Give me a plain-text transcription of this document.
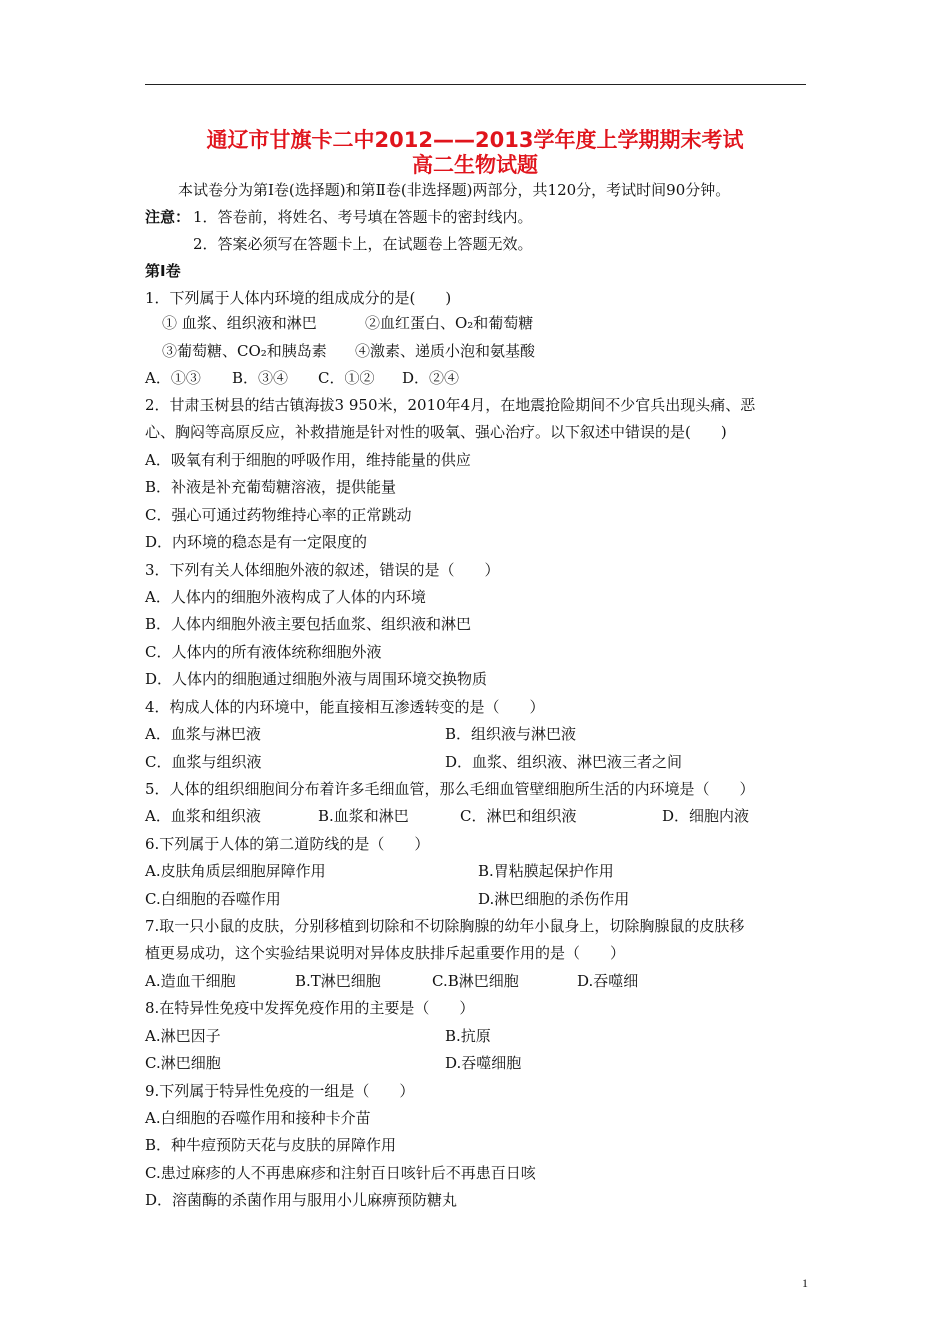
通辽市甘旗卡二中2012——2013学年度上学期期末考试
高二生物试题
本试卷分为第Ⅰ卷(选择题)和第Ⅱ卷(非选择题)两部分，共120分，考试时间90分钟。
注意： 1．答卷前，将姓名、考号填在答题卡的密封线内。
2．答案必须写在答题卡上，在试题卷上答题无效。
第Ⅰ卷
1．下列属于人体内环境的组成成分的是(　　)
① 血浆、组织液和淋巴	②血红蛋白、O₂和葡萄糖
③葡萄糖、CO₂和胰岛素 ④激素、递质小泡和氨基酸
A．①③ B．③④ C．①② D．②④
2．甘肃玉树县的结古镇海拔3 950米，2010年4月，在地震抢险期间不少官兵出现头痛、恶
心、胸闷等高原反应，补救措施是针对性的吸氧、强心治疗。以下叙述中错误的是(　　)
A．吸氧有利于细胞的呼吸作用，维持能量的供应
B．补液是补充葡萄糖溶液，提供能量
C．强心可通过药物维持心率的正常跳动
D．内环境的稳态是有一定限度的
3．下列有关人体细胞外液的叙述，错误的是（　　）
A．人体内的细胞外液构成了人体的内环境
B．人体内细胞外液主要包括血浆、组织液和淋巴
C．人体内的所有液体统称细胞外液
D．人体内的细胞通过细胞外液与周围环境交换物质
4．构成人体的内环境中，能直接相互渗透转变的是（　　）
A．血浆与淋巴液	B．组织液与淋巴液
C．血浆与组织液	D．血浆、组织液、淋巴液三者之间
5．人体的组织细胞间分布着许多毛细血管，那么毛细血管壁细胞所生活的内环境是（　　）
A．血浆和组织液	B.血浆和淋巴	C．淋巴和组织液	D．细胞内液
6.下列属于人体的第二道防线的是（　　）
A.皮肤角质层细胞屏障作用	B.胃粘膜起保护作用
C.白细胞的吞噬作用	D.淋巴细胞的杀伤作用
7.取一只小鼠的皮肤，分别移植到切除和不切除胸腺的幼年小鼠身上，切除胸腺鼠的皮肤移
植更易成功，这个实验结果说明对异体皮肤排斥起重要作用的是（　　）
A.造血干细胞	B.T淋巴细胞	C.B淋巴细胞	D.吞噬细
8.在特异性免疫中发挥免疫作用的主要是（　　）
A.淋巴因子	B.抗原
C.淋巴细胞	D.吞噬细胞
9.下列属于特异性免疫的一组是（　　）
A.白细胞的吞噬作用和接种卡介苗
B．种牛痘预防天花与皮肤的屏障作用
C.患过麻疹的人不再患麻疹和注射百日咳针后不再患百日咳
D．溶菌酶的杀菌作用与服用小儿麻痹预防糖丸
1
